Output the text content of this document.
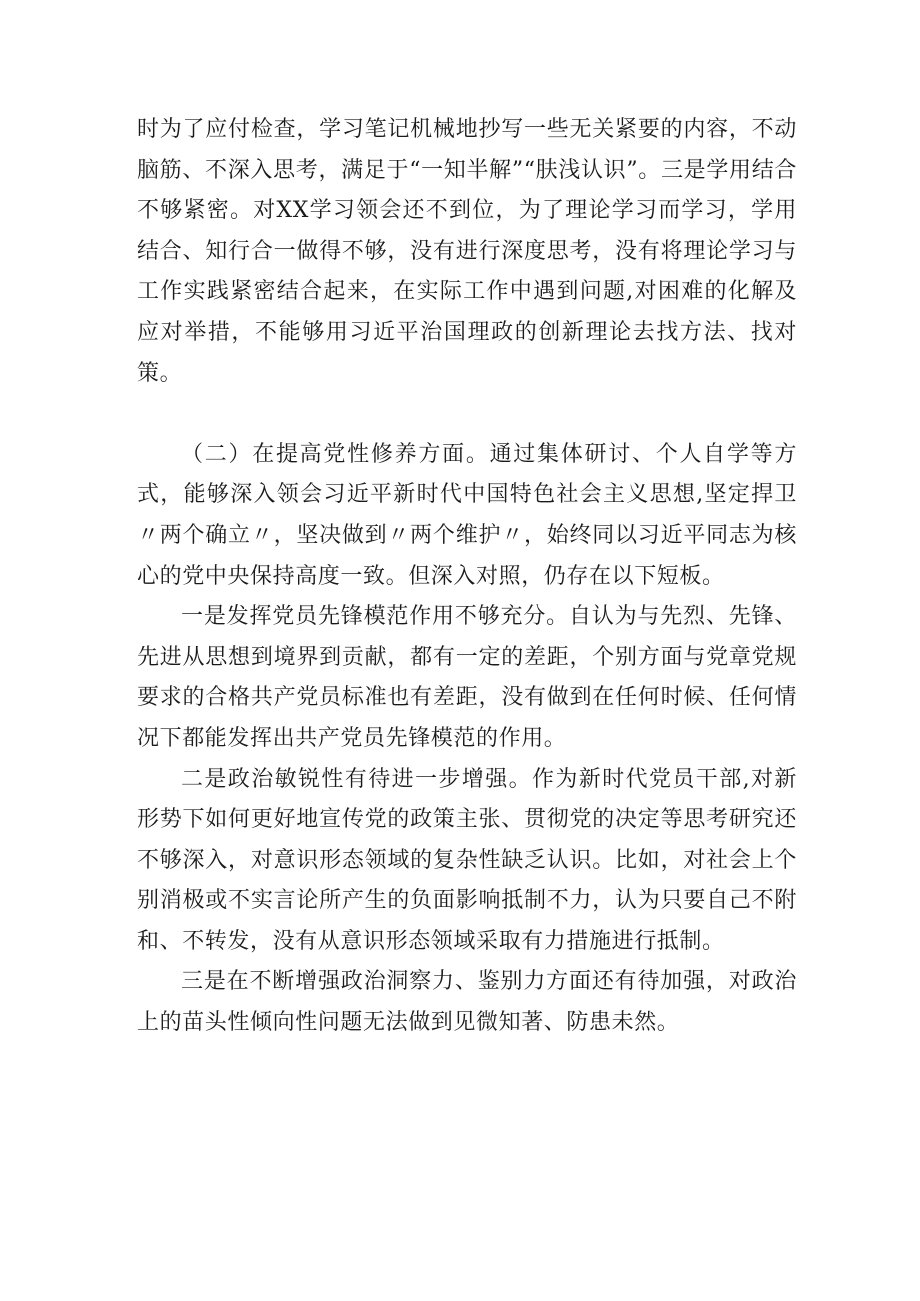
时为了应付检查，学习笔记机械地抄写一些无关紧要的内容，不动脑筋、不深入思考，满足于“一知半解”“肤浅认识”。三是学用结合不够紧密。对XX学习领会还不到位，为了理论学习而学习，学用结合、知行合一做得不够，没有进行深度思考，没有将理论学习与工作实践紧密结合起来，在实际工作中遇到问题,对困难的化解及应对举措，不能够用习近平治国理政的创新理论去找方法、找对策。

（二）在提高党性修养方面。通过集体研讨、个人自学等方式，能够深入领会习近平新时代中国特色社会主义思想,坚定捍卫〃两个确立〃，坚决做到〃两个维护〃，始终同以习近平同志为核心的党中央保持高度一致。但深入对照，仍存在以下短板。

一是发挥党员先锋模范作用不够充分。自认为与先烈、先锋、先进从思想到境界到贡献，都有一定的差距，个别方面与党章党规要求的合格共产党员标准也有差距，没有做到在任何时候、任何情况下都能发挥出共产党员先锋模范的作用。

二是政治敏锐性有待进一步增强。作为新时代党员干部,对新形势下如何更好地宣传党的政策主张、贯彻党的决定等思考研究还不够深入，对意识形态领域的复杂性缺乏认识。比如，对社会上个别消极或不实言论所产生的负面影响抵制不力，认为只要自己不附和、不转发，没有从意识形态领域采取有力措施进行抵制。

三是在不断增强政治洞察力、鉴别力方面还有待加强，对政治上的苗头性倾向性问题无法做到见微知著、防患未然。
